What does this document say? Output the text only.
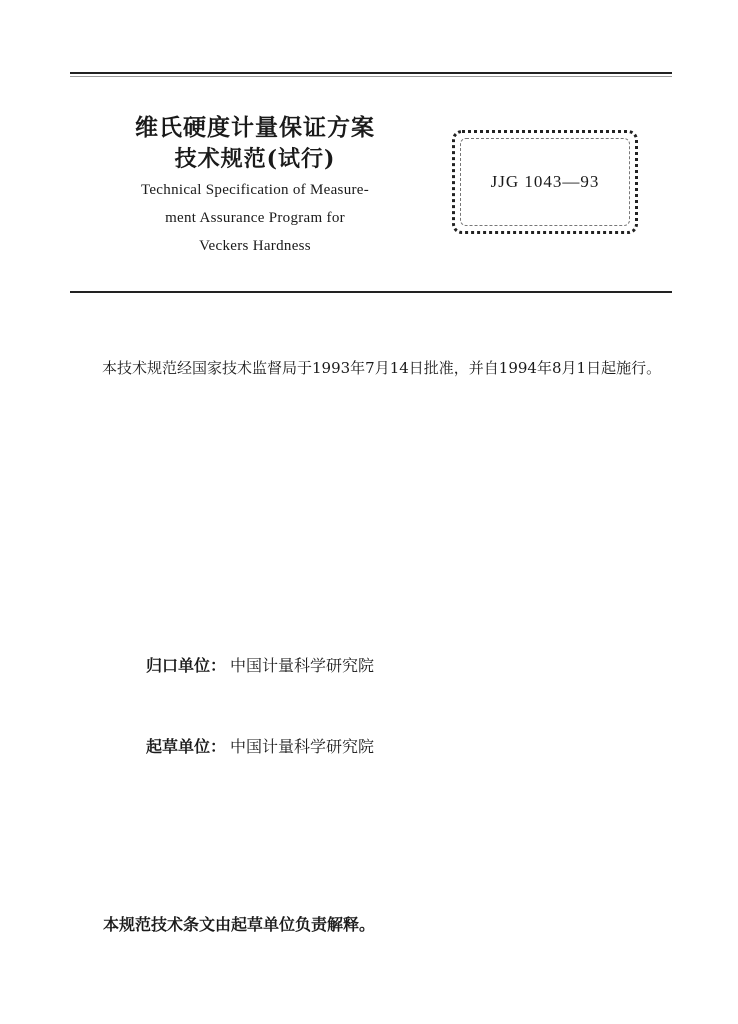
维氏硬度计量保证方案
技术规范(试行)
Technical Specification of Measure-
ment Assurance Program for
Veckers Hardness
JJG 1043—93
本技术规范经国家技术监督局于1993年7月14日批准，并自1994年8月1日起施行。
归口单位： 中国计量科学研究院
起草单位： 中国计量科学研究院
本规范技术条文由起草单位负责解释。
